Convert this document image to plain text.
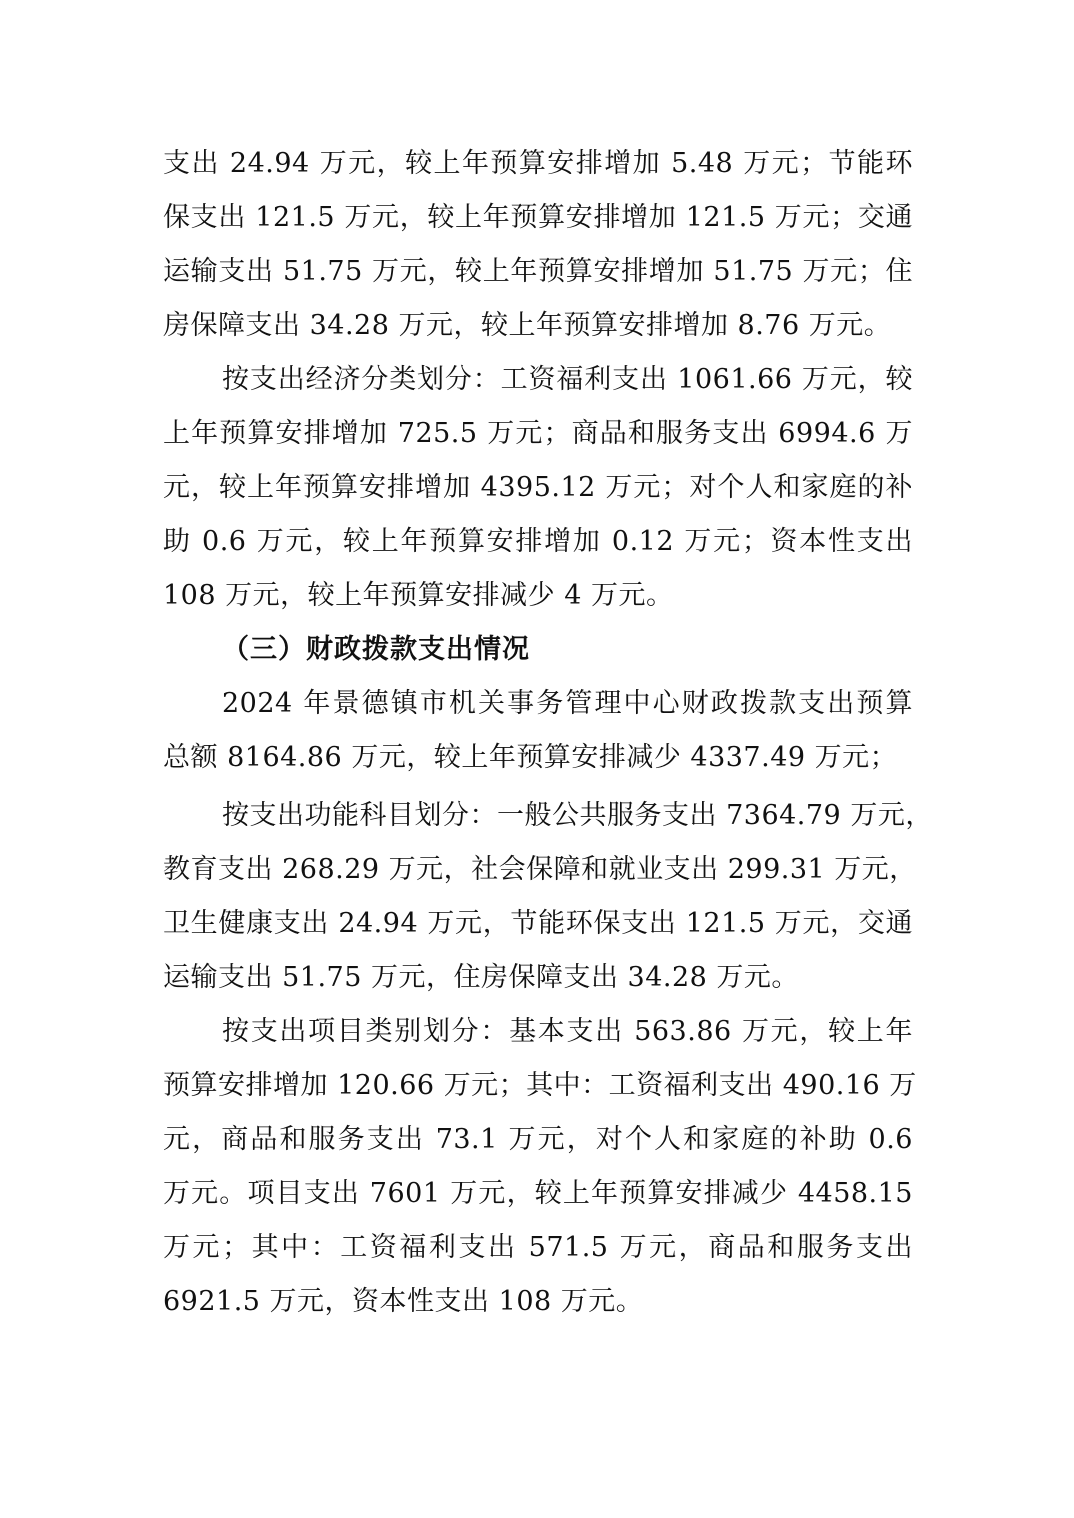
支出 24.94 万元，较上年预算安排增加 5.48 万元；节能环
保支出 121.5 万元，较上年预算安排增加 121.5 万元；交通
运输支出 51.75 万元，较上年预算安排增加 51.75 万元；住
房保障支出 34.28 万元，较上年预算安排增加 8.76 万元。
按支出经济分类划分：工资福利支出 1061.66 万元，较
上年预算安排增加 725.5 万元；商品和服务支出 6994.6 万
元，较上年预算安排增加 4395.12 万元；对个人和家庭的补
助 0.6 万元，较上年预算安排增加 0.12 万元；资本性支出
108 万元，较上年预算安排减少 4 万元。
（三）财政拨款支出情况
2024 年景德镇市机关事务管理中心财政拨款支出预算
总额 8164.86 万元，较上年预算安排减少 4337.49 万元；
按支出功能科目划分：一般公共服务支出 7364.79 万元，
教育支出 268.29 万元，社会保障和就业支出 299.31 万元，
卫生健康支出 24.94 万元，节能环保支出 121.5 万元，交通
运输支出 51.75 万元，住房保障支出 34.28 万元。
按支出项目类别划分：基本支出 563.86 万元，较上年
预算安排增加 120.66 万元；其中：工资福利支出 490.16 万
元，商品和服务支出 73.1 万元，对个人和家庭的补助 0.6
万元。项目支出 7601 万元，较上年预算安排减少 4458.15
万元；其中：工资福利支出 571.5 万元，商品和服务支出
6921.5 万元，资本性支出 108 万元。
